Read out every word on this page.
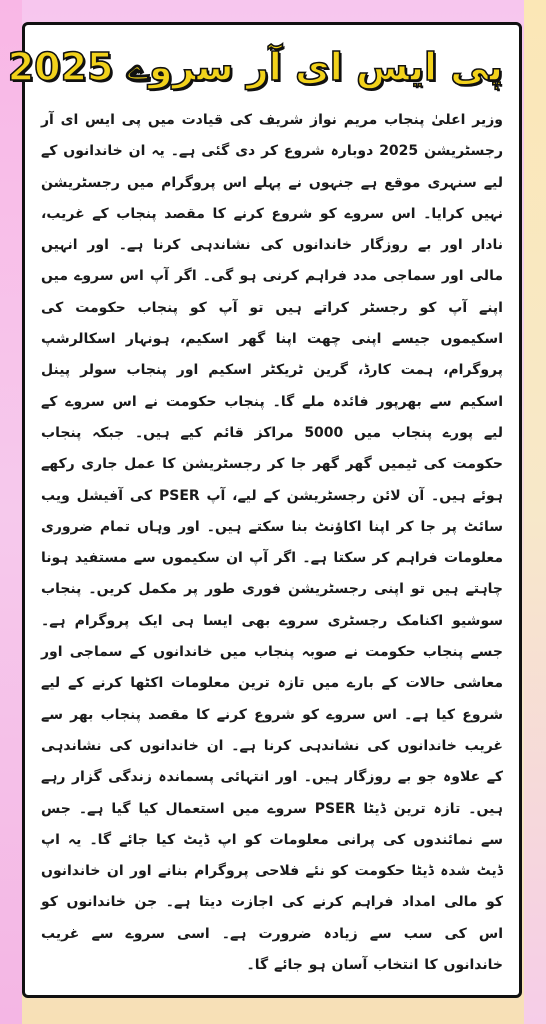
پی ایس ای آر سروے 2025

وزیر اعلیٰ پنجاب مریم نواز شریف کی قیادت میں پی ایس ای آر رجسٹریشن 2025 دوبارہ شروع کر دی گئی ہے۔ یہ ان خاندانوں کے لیے سنہری موقع ہے جنہوں نے پہلے اس پروگرام میں رجسٹریشن نہیں کرایا۔ اس سروے کو شروع کرنے کا مقصد پنجاب کے غریب، نادار اور بے روزگار خاندانوں کی نشاندہی کرنا ہے۔ اور انہیں مالی اور سماجی مدد فراہم کرنی ہو گی۔ اگر آپ اس سروے میں اپنے آپ کو رجسٹر کراتے ہیں تو آپ کو پنجاب حکومت کی اسکیموں جیسے اپنی چھت اپنا گھر اسکیم، ہونہار اسکالرشپ پروگرام، ہمت کارڈ، گرین ٹریکٹر اسکیم اور پنجاب سولر پینل اسکیم سے بھرپور فائدہ ملے گا۔ پنجاب حکومت نے اس سروے کے لیے پورے پنجاب میں 5000 مراکز قائم کیے ہیں۔ جبکہ پنجاب حکومت کی ٹیمیں گھر گھر جا کر رجسٹریشن کا عمل جاری رکھے ہوئے ہیں۔ آن لائن رجسٹریشن کے لیے، آپ PSER کی آفیشل ویب سائٹ پر جا کر اپنا اکاؤنٹ بنا سکتے ہیں۔ اور وہاں تمام ضروری معلومات فراہم کر سکتا ہے۔ اگر آپ ان سکیموں سے مستفید ہونا چاہتے ہیں تو اپنی رجسٹریشن فوری طور پر مکمل کریں۔ پنجاب سوشیو اکنامک رجسٹری سروے بھی ایسا ہی ایک پروگرام ہے۔ جسے پنجاب حکومت نے صوبہ پنجاب میں خاندانوں کے سماجی اور معاشی حالات کے بارے میں تازہ ترین معلومات اکٹھا کرنے کے لیے شروع کیا ہے۔ اس سروے کو شروع کرنے کا مقصد پنجاب بھر سے غریب خاندانوں کی نشاندہی کرنا ہے۔ ان خاندانوں کی نشاندہی کے علاوہ جو بے روزگار ہیں۔ اور انتہائی پسماندہ زندگی گزار رہے ہیں۔ تازہ ترین ڈیٹا PSER سروے میں استعمال کیا گیا ہے۔ جس سے نمائندوں کی پرانی معلومات کو اپ ڈیٹ کیا جائے گا۔ یہ اپ ڈیٹ شدہ ڈیٹا حکومت کو نئے فلاحی پروگرام بنانے اور ان خاندانوں کو مالی امداد فراہم کرنے کی اجازت دیتا ہے۔ جن خاندانوں کو اس کی سب سے زیادہ ضرورت ہے۔ اسی سروے سے غریب خاندانوں کا انتخاب آسان ہو جائے گا۔
